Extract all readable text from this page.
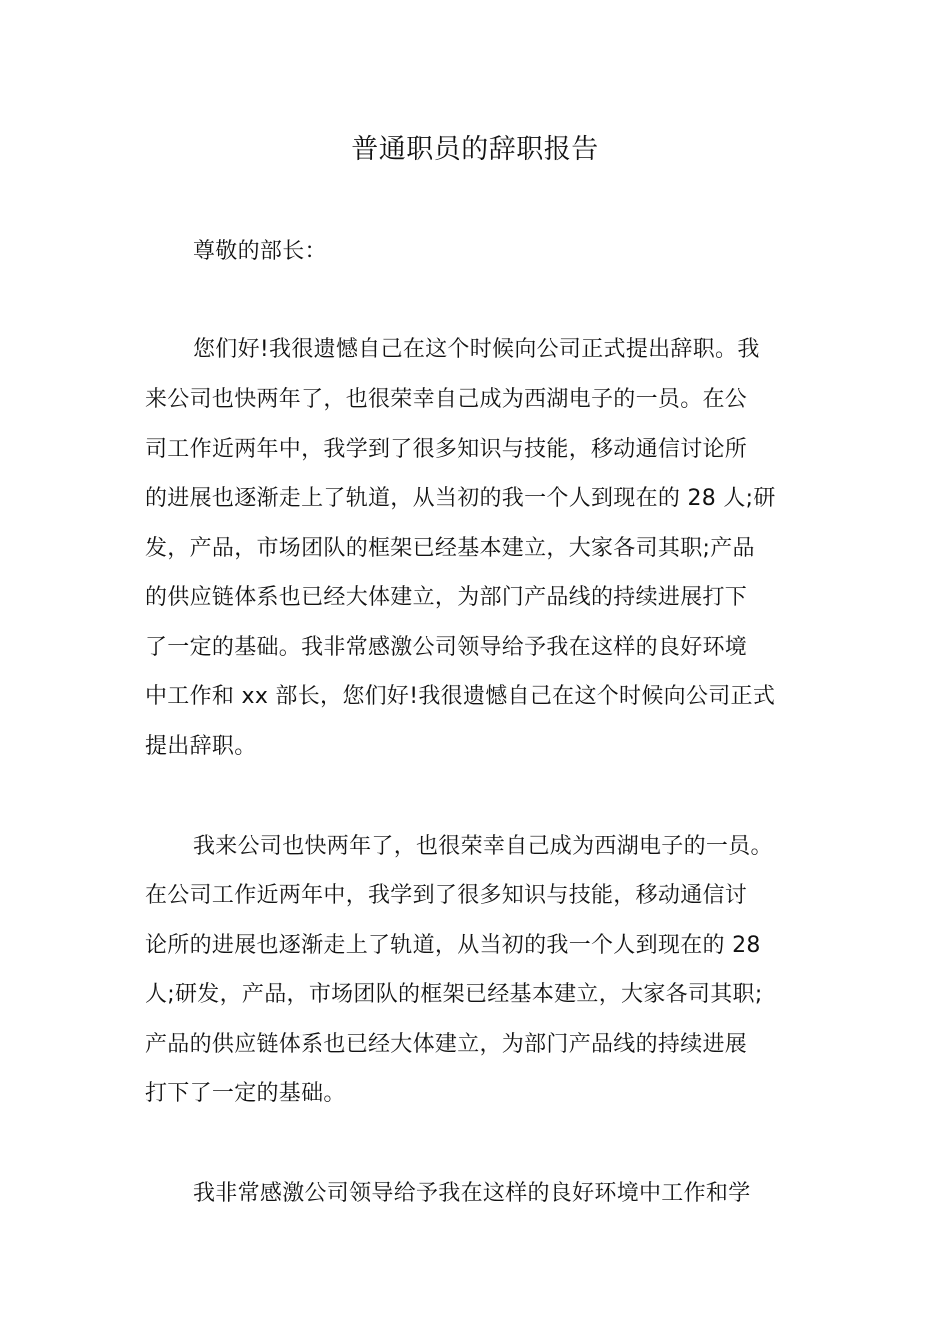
普通职员的辞职报告
尊敬的部长：
您们好!我很遗憾自己在这个时候向公司正式提出辞职。我
来公司也快两年了，也很荣幸自己成为西湖电子的一员。在公
司工作近两年中，我学到了很多知识与技能，移动通信讨论所
的进展也逐渐走上了轨道，从当初的我一个人到现在的 28 人;研
发，产品，市场团队的框架已经基本建立，大家各司其职;产品
的供应链体系也已经大体建立，为部门产品线的持续进展打下
了一定的基础。我非常感激公司领导给予我在这样的良好环境
中工作和 xx 部长，您们好!我很遗憾自己在这个时候向公司正式
提出辞职。
我来公司也快两年了，也很荣幸自己成为西湖电子的一员。
在公司工作近两年中，我学到了很多知识与技能，移动通信讨
论所的进展也逐渐走上了轨道，从当初的我一个人到现在的 28
人;研发，产品，市场团队的框架已经基本建立，大家各司其职;
产品的供应链体系也已经大体建立，为部门产品线的持续进展
打下了一定的基础。
我非常感激公司领导给予我在这样的良好环境中工作和学
